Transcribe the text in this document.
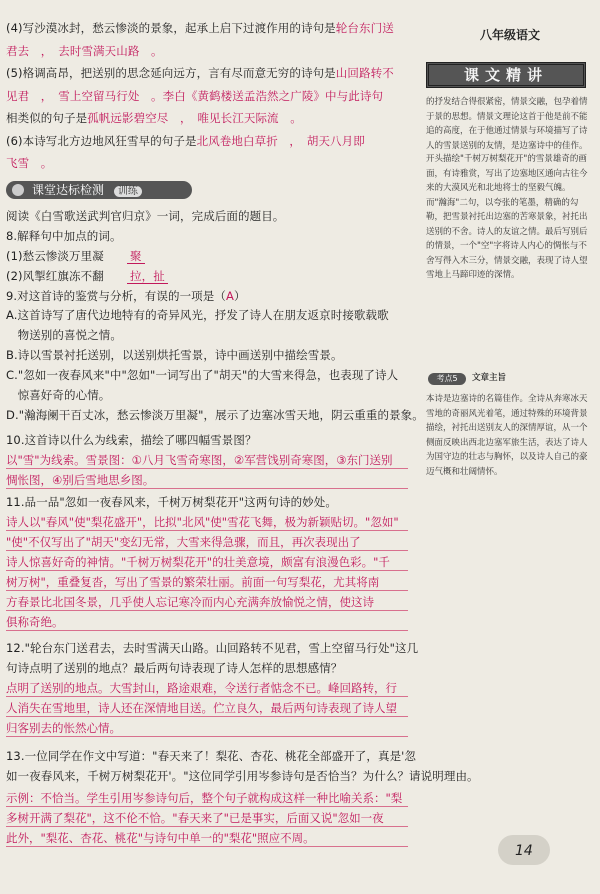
八年级语文
课文精讲
(4)写沙漠冰封，愁云惨淡的景象，起承上启下过渡作用的诗句是轮台东门送
君去　，　去时雪满天山路　。
(5)格调高昂，把送别的思念延向远方，言有尽而意无穷的诗句是山回路转不
见君　，　雪上空留马行处　。李白《黄鹤楼送孟浩然之广陵》中与此诗句
相类似的句子是孤帆远影碧空尽　，　唯见长江天际流　。
(6)本诗写北方边地风狂雪早的句子是北风卷地白草折　，　胡天八月即
飞雪　。
阅读《白雪歌送武判官归京》一词，完成后面的题目。
8.解释句中加点的词。
(1)愁云惨淡万里凝　　 聚
(2)风掣红旗冻不翻　　 拉，扯
9.对这首诗的鉴赏与分析，有误的一项是（A）
A.这首诗写了唐代边地特有的奇异风光，抒发了诗人在朋友返京时接歌载歌
　物送别的喜悦之情。
B.诗以雪景衬托送别，以送别烘托雪景，诗中画送别中描绘雪景。
C."忽如一夜春风来"中"忽如"一词写出了"胡天"的大雪来得急，也表现了诗人
　惊喜好奇的心情。
D."瀚海阑干百丈冰，愁云惨淡万里凝"，展示了边塞冰雪天地，阴云重重的景象。
10.这首诗以什么为线索，描绘了哪四幅雪景图？
以"雪"为线索。雪景图：①八月飞雪奇寒图，②军营饯别奇寒图，③东门送别
惆怅图，④别后雪地思乡图。
11.品一品"忽如一夜春风来，千树万树梨花开"这两句诗的妙处。
诗人以"春风"使"梨花盛开"，比拟"北风"使"雪花飞舞，极为新颖贴切。"忽如"
"使"不仅写出了"胡天"变幻无常，大雪来得急骤，而且，再次表现出了
诗人惊喜好奇的神情。"千树万树梨花开"的壮美意境，颇富有浪漫色彩。"千
树万树"，重叠复沓，写出了雪景的繁荣壮丽。前面一句写梨花，尤其将南
方春景比北国冬景，几乎使人忘记寒冷而内心充满奔放愉悦之情，使这诗
俱称奇绝。
12."轮台东门送君去，去时雪满天山路。山回路转不见君，雪上空留马行处"这几
句诗点明了送别的地点？最后两句诗表现了诗人怎样的思想感情？
点明了送别的地点。大雪封山，路途艰难，令送行者惦念不已。峰回路转，行
人消失在雪地里，诗人还在深情地目送。伫立良久，最后两句诗表现了诗人望
归客别去的怅然心情。
13.一位同学在作文中写道："春天来了！梨花、杏花、桃花全部盛开了，真是'忽
如一夜春风来，千树万树梨花开'。"这位同学引用岑参诗句是否恰当？为什么？请说明理由。
示例：不恰当。学生引用岑参诗句后，整个句子就构成这样一种比喻关系："梨
多树开满了梨花"，这不伦不恰。"春天来了"已是事实，后面又说"忽如一夜
此外，"梨花、杏花、桃花"与诗句中单一的"梨花"照应不周。
课堂达标检测 训练
的抒发结合得很紧密，情景交融，包孕着情于景的思想。情景文理论这首于他是前不能追的高度，在于他通过情景与环境描写了诗人的雪景送别的友情，是边塞诗中的佳作。
开头描绘"千树万树梨花开"的雪景雄奇的画面，有诗雅赏，写出了边塞地区通向古往今来的大漠风光和北地将士的坚毅气魄。而"瀚海"二句，以夸张的笔墨，精确的勾勒，把雪景衬托出边塞的苦寒景象，衬托出送别的不舍。诗人的友谊之情。最后写别后的情景，一个"空"字将诗人内心的惆怅与不舍写得入木三分，情景交融，表现了诗人望雪地上马蹄印迹的深情。
考点5	文章主旨
本诗是边塞诗的名篇佳作。全诗从奔寒冰天雪地的奇丽风光着笔，通过特殊的环境背景描绘，衬托出送别友人的深情厚谊，从一个侧面反映出西北边塞军旅生活，表达了诗人为国守边的壮志与胸怀，以及诗人自己的豪迈气概和壮阔情怀。
14
